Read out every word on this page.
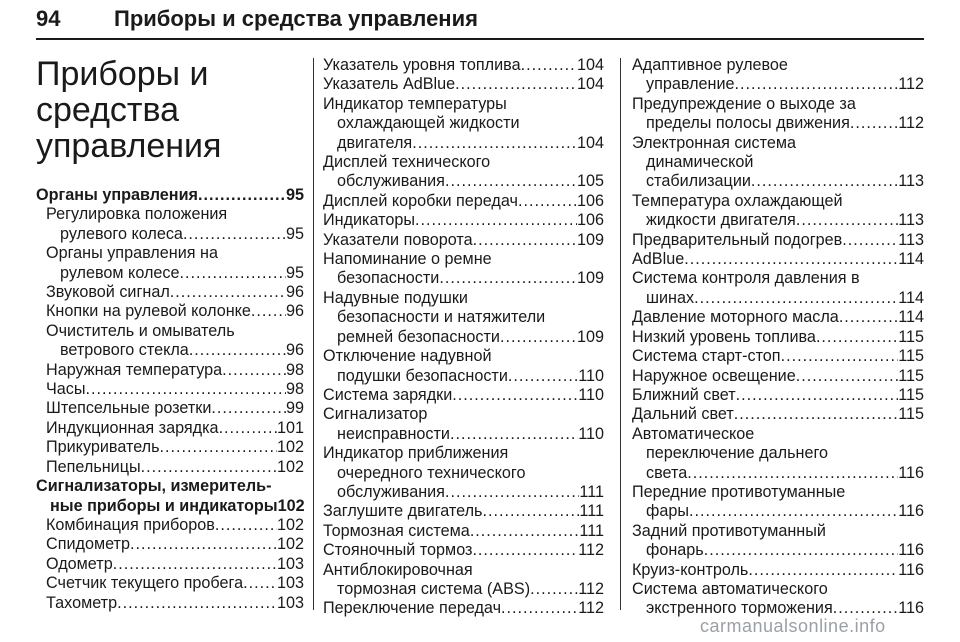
94 Приборы и средства управления
Приборы и
средства
управления
Органы управления .....	95
Регулировка положения
рулевого колеса .....	95
Органы управления на
рулевом колесе .....	95
Звуковой сигнал .....	96
Кнопки на рулевой колонке ..... 96
Очиститель и омыватель
ветрового стекла .....	96
Наружная температура .....	98
Часы .....	98
Штепсельные розетки .....	99
Индукционная зарядка .....	101
Прикуриватель .....	102
Пепельницы .....	102
Сигнализаторы, измеритель-
ные приборы и индикаторы 102
Комбинация приборов .....	102
Спидометр .....	102
Одометр .....	103
Счетчик текущего пробега ..... 103
Тахометр .....	103
Указатель уровня топлива .....	104
Указатель AdBlue .....	104
Индикатор температуры
охлаждающей жидкости
двигателя .....	104
Дисплей технического
обслуживания .....	105
Дисплей коробки передач .....	106
Индикаторы .....	106
Указатели поворота .....	109
Напоминание о ремне
безопасности .....	109
Надувные подушки
безопасности и натяжители
ремней безопасности .....	109
Отключение надувной
подушки безопасности .....	110
Система зарядки .....	110
Сигнализатор
неисправности .....	110
Индикатор приближения
очередного технического
обслуживания .....	111
Заглушите двигатель .....	111
Тормозная система .....	111
Стояночный тормоз .....	112
Антиблокировочная
тормозная система (ABS) .....	112
Переключение передач .....	112
Адаптивное рулевое
управление .....	112
Предупреждение о выходе за
пределы полосы движения .....	112
Электронная система
динамической
стабилизации .....	113
Температура охлаждающей
жидкости двигателя .....	113
Предварительный подогрев .....	113
AdBlue .....	114
Система контроля давления в
шинах .....	114
Давление моторного масла .....	114
Низкий уровень топлива .....	115
Система старт-стоп .....	115
Наружное освещение .....	115
Ближний свет .....	115
Дальний свет .....	115
Автоматическое
переключение дальнего
света .....	116
Передние противотуманные
фары .....	116
Задний противотуманный
фонарь .....	116
Круиз-контроль .....	116
Система автоматического
экстренного торможения .....	116
carmanualsonline.info
